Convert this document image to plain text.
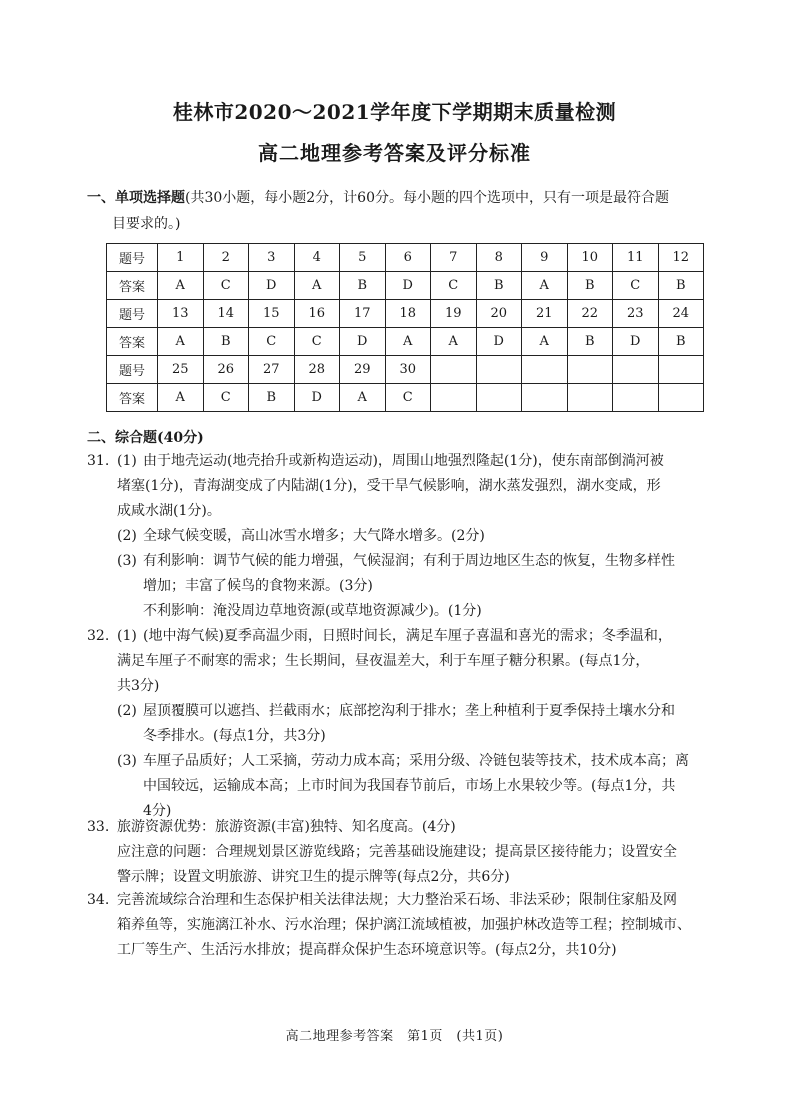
桂林市2020～2021学年度下学期期末质量检测
高二地理参考答案及评分标准
一、单项选择题(共30小题，每小题2分，计60分。每小题的四个选项中，只有一项是最符合题
目要求的。)
题号	1	2	3	4	5	6	7	8	9	10	11	12
答案	A	C	D	A	B	D	C	B	A	B	C	B
题号	13	14	15	16	17	18	19	20	21	22	23	24
答案	A	B	C	C	D	A	A	D	A	B	D	B
题号	25	26	27	28	29	30						
答案	A	C	B	D	A	C						
二、综合题(40分)
31. (1) 由于地壳运动(地壳抬升或新构造运动)，周围山地强烈隆起(1分)，使东南部倒淌河被
堵塞(1分)，青海湖变成了内陆湖(1分)，受干旱气候影响，湖水蒸发强烈，湖水变咸，形
成咸水湖(1分)。
(2) 全球气候变暖，高山冰雪水增多；大气降水增多。(2分)
(3) 有利影响：调节气候的能力增强，气候湿润；有利于周边地区生态的恢复，生物多样性
增加；丰富了候鸟的食物来源。(3分)
不利影响：淹没周边草地资源(或草地资源减少)。(1分)
32. (1) (地中海气候)夏季高温少雨，日照时间长，满足车厘子喜温和喜光的需求；冬季温和，
满足车厘子不耐寒的需求；生长期间，昼夜温差大，利于车厘子糖分积累。(每点1分，
共3分)
(2) 屋顶覆膜可以遮挡、拦截雨水；底部挖沟利于排水；垄上种植利于夏季保持土壤水分和
冬季排水。(每点1分，共3分)
(3) 车厘子品质好；人工采摘，劳动力成本高；采用分级、冷链包装等技术，技术成本高；离
中国较远，运输成本高；上市时间为我国春节前后，市场上水果较少等。(每点1分，共
4分)
33. 旅游资源优势：旅游资源(丰富)独特、知名度高。(4分)
应注意的问题：合理规划景区游览线路；完善基础设施建设；提高景区接待能力；设置安全
警示牌；设置文明旅游、讲究卫生的提示牌等(每点2分，共6分)
34. 完善流域综合治理和生态保护相关法律法规；大力整治采石场、非法采砂；限制住家船及网
箱养鱼等，实施漓江补水、污水治理；保护漓江流域植被，加强护林改造等工程；控制城市、
工厂等生产、生活污水排放；提高群众保护生态环境意识等。(每点2分，共10分)
高二地理参考答案　第1页　(共1页)
